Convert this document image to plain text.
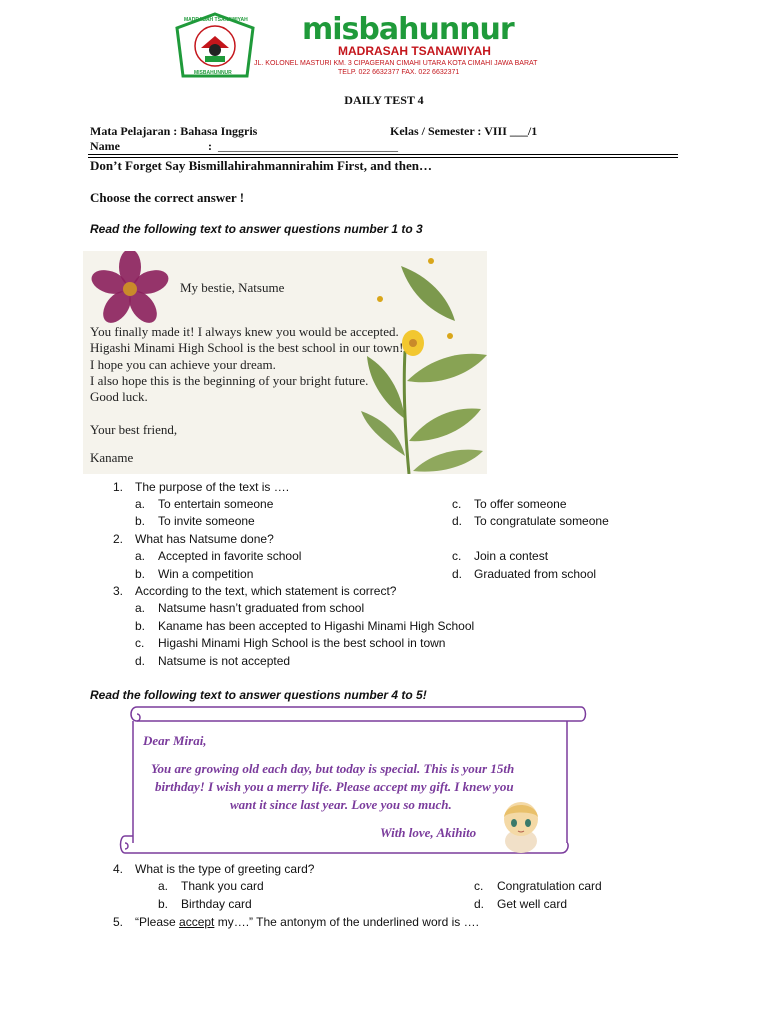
MADRASAH TSANAWIYAH
MISBAHUNNUR
misbahunnur
MADRASAH TSANAWIYAH
JL. KOLONEL MASTURI KM. 3 CIPAGERAN CIMAHI UTARA KOTA CIMAHI JAWA BARAT
TELP. 022 6632377 FAX. 022 6632371
DAILY TEST 4
Mata Pelajaran : Bahasa Inggris	Kelas / Semester : VIII ___/1
Name	: ______________________________
Don’t Forget Say Bismillahirahmannirahim First, and then…
Choose the correct answer !
Read the following text to answer questions number 1 to 3
My bestie, Natsume
You finally made it! I always knew you would be accepted.
Higashi Minami High School is the best school in our town!
I hope you can achieve your dream.
I also hope this is the beginning of your bright future.
Good luck.
Your best friend,
Kaname
1. The purpose of the text is ….
a. To entertain someone
b. To invite someone
c. To offer someone
d. To congratulate someone
2. What has Natsume done?
a. Accepted in favorite school
b. Win a competition
c. Join a contest
d. Graduated from school
3. According to the text, which statement is correct?
a. Natsume hasn’t graduated from school
b. Kaname has been accepted to Higashi Minami High School
c. Higashi Minami High School is the best school in town
d. Natsume is not accepted
Read the following text to answer questions number 4 to 5!
Dear Mirai,
You are growing old each day, but today is special. This is your 15th
birthday! I wish you a merry life. Please accept my gift. I knew you
want it since last year. Love you so much.
With love, Akihito
4. What is the type of greeting card?
a. Thank you card
b. Birthday card
c. Congratulation card
d. Get well card
5. “Please accept my….” The antonym of the underlined word is ….
